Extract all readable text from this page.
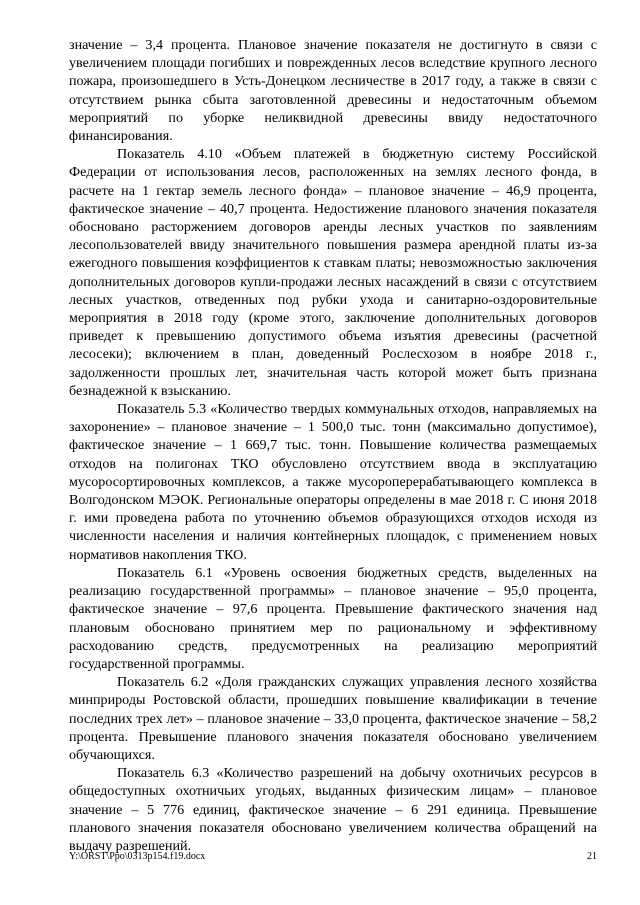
значение – 3,4 процента. Плановое значение показателя не достигнуто в связи с увеличением площади погибших и поврежденных лесов вследствие крупного лесного пожара, произошедшего в Усть-Донецком лесничестве в 2017 году, а также в связи с отсутствием рынка сбыта заготовленной древесины и недостаточным объемом мероприятий по уборке неликвидной древесины ввиду недостаточного финансирования.

Показатель 4.10 «Объем платежей в бюджетную систему Российской Федерации от использования лесов, расположенных на землях лесного фонда, в расчете на 1 гектар земель лесного фонда» – плановое значение – 46,9 процента, фактическое значение – 40,7 процента. Недостижение планового значения показателя обосновано расторжением договоров аренды лесных участков по заявлениям лесопользователей ввиду значительного повышения размера арендной платы из-за ежегодного повышения коэффициентов к ставкам платы; невозможностью заключения дополнительных договоров купли-продажи лесных насаждений в связи с отсутствием лесных участков, отведенных под рубки ухода и санитарно-оздоровительные мероприятия в 2018 году (кроме этого, заключение дополнительных договоров приведет к превышению допустимого объема изъятия древесины (расчетной лесосеки); включением в план, доведенный Рослесхозом в ноябре 2018 г., задолженности прошлых лет, значительная часть которой может быть признана безнадежной к взысканию.

Показатель 5.3 «Количество твердых коммунальных отходов, направляемых на захоронение» – плановое значение – 1 500,0 тыс. тонн (максимально допустимое), фактическое значение – 1 669,7 тыс. тонн. Повышение количества размещаемых отходов на полигонах ТКО обусловлено отсутствием ввода в эксплуатацию мусоросортировочных комплексов, а также мусороперерабатывающего комплекса в Волгодонском МЭОК. Региональные операторы определены в мае 2018 г. С июня 2018 г. ими проведена работа по уточнению объемов образующихся отходов исходя из численности населения и наличия контейнерных площадок, с применением новых нормативов накопления ТКО.

Показатель 6.1 «Уровень освоения бюджетных средств, выделенных на реализацию государственной программы» – плановое значение – 95,0 процента, фактическое значение – 97,6 процента. Превышение фактического значения над плановым обосновано принятием мер по рациональному и эффективному расходованию средств, предусмотренных на реализацию мероприятий государственной программы.

Показатель 6.2 «Доля гражданских служащих управления лесного хозяйства минприроды Ростовской области, прошедших повышение квалификации в течение последних трех лет» – плановое значение – 33,0 процента, фактическое значение – 58,2 процента. Превышение планового значения показателя обосновано увеличением обучающихся.

Показатель 6.3 «Количество разрешений на добычу охотничьих ресурсов в общедоступных охотничьих угодьях, выданных физическим лицам» – плановое значение – 5 776 единиц, фактическое значение – 6 291 единица. Превышение планового значения показателя обосновано увеличением количества обращений на выдачу разрешений.

Y:\ORST\Ppo\0313p154.f19.docx	21
